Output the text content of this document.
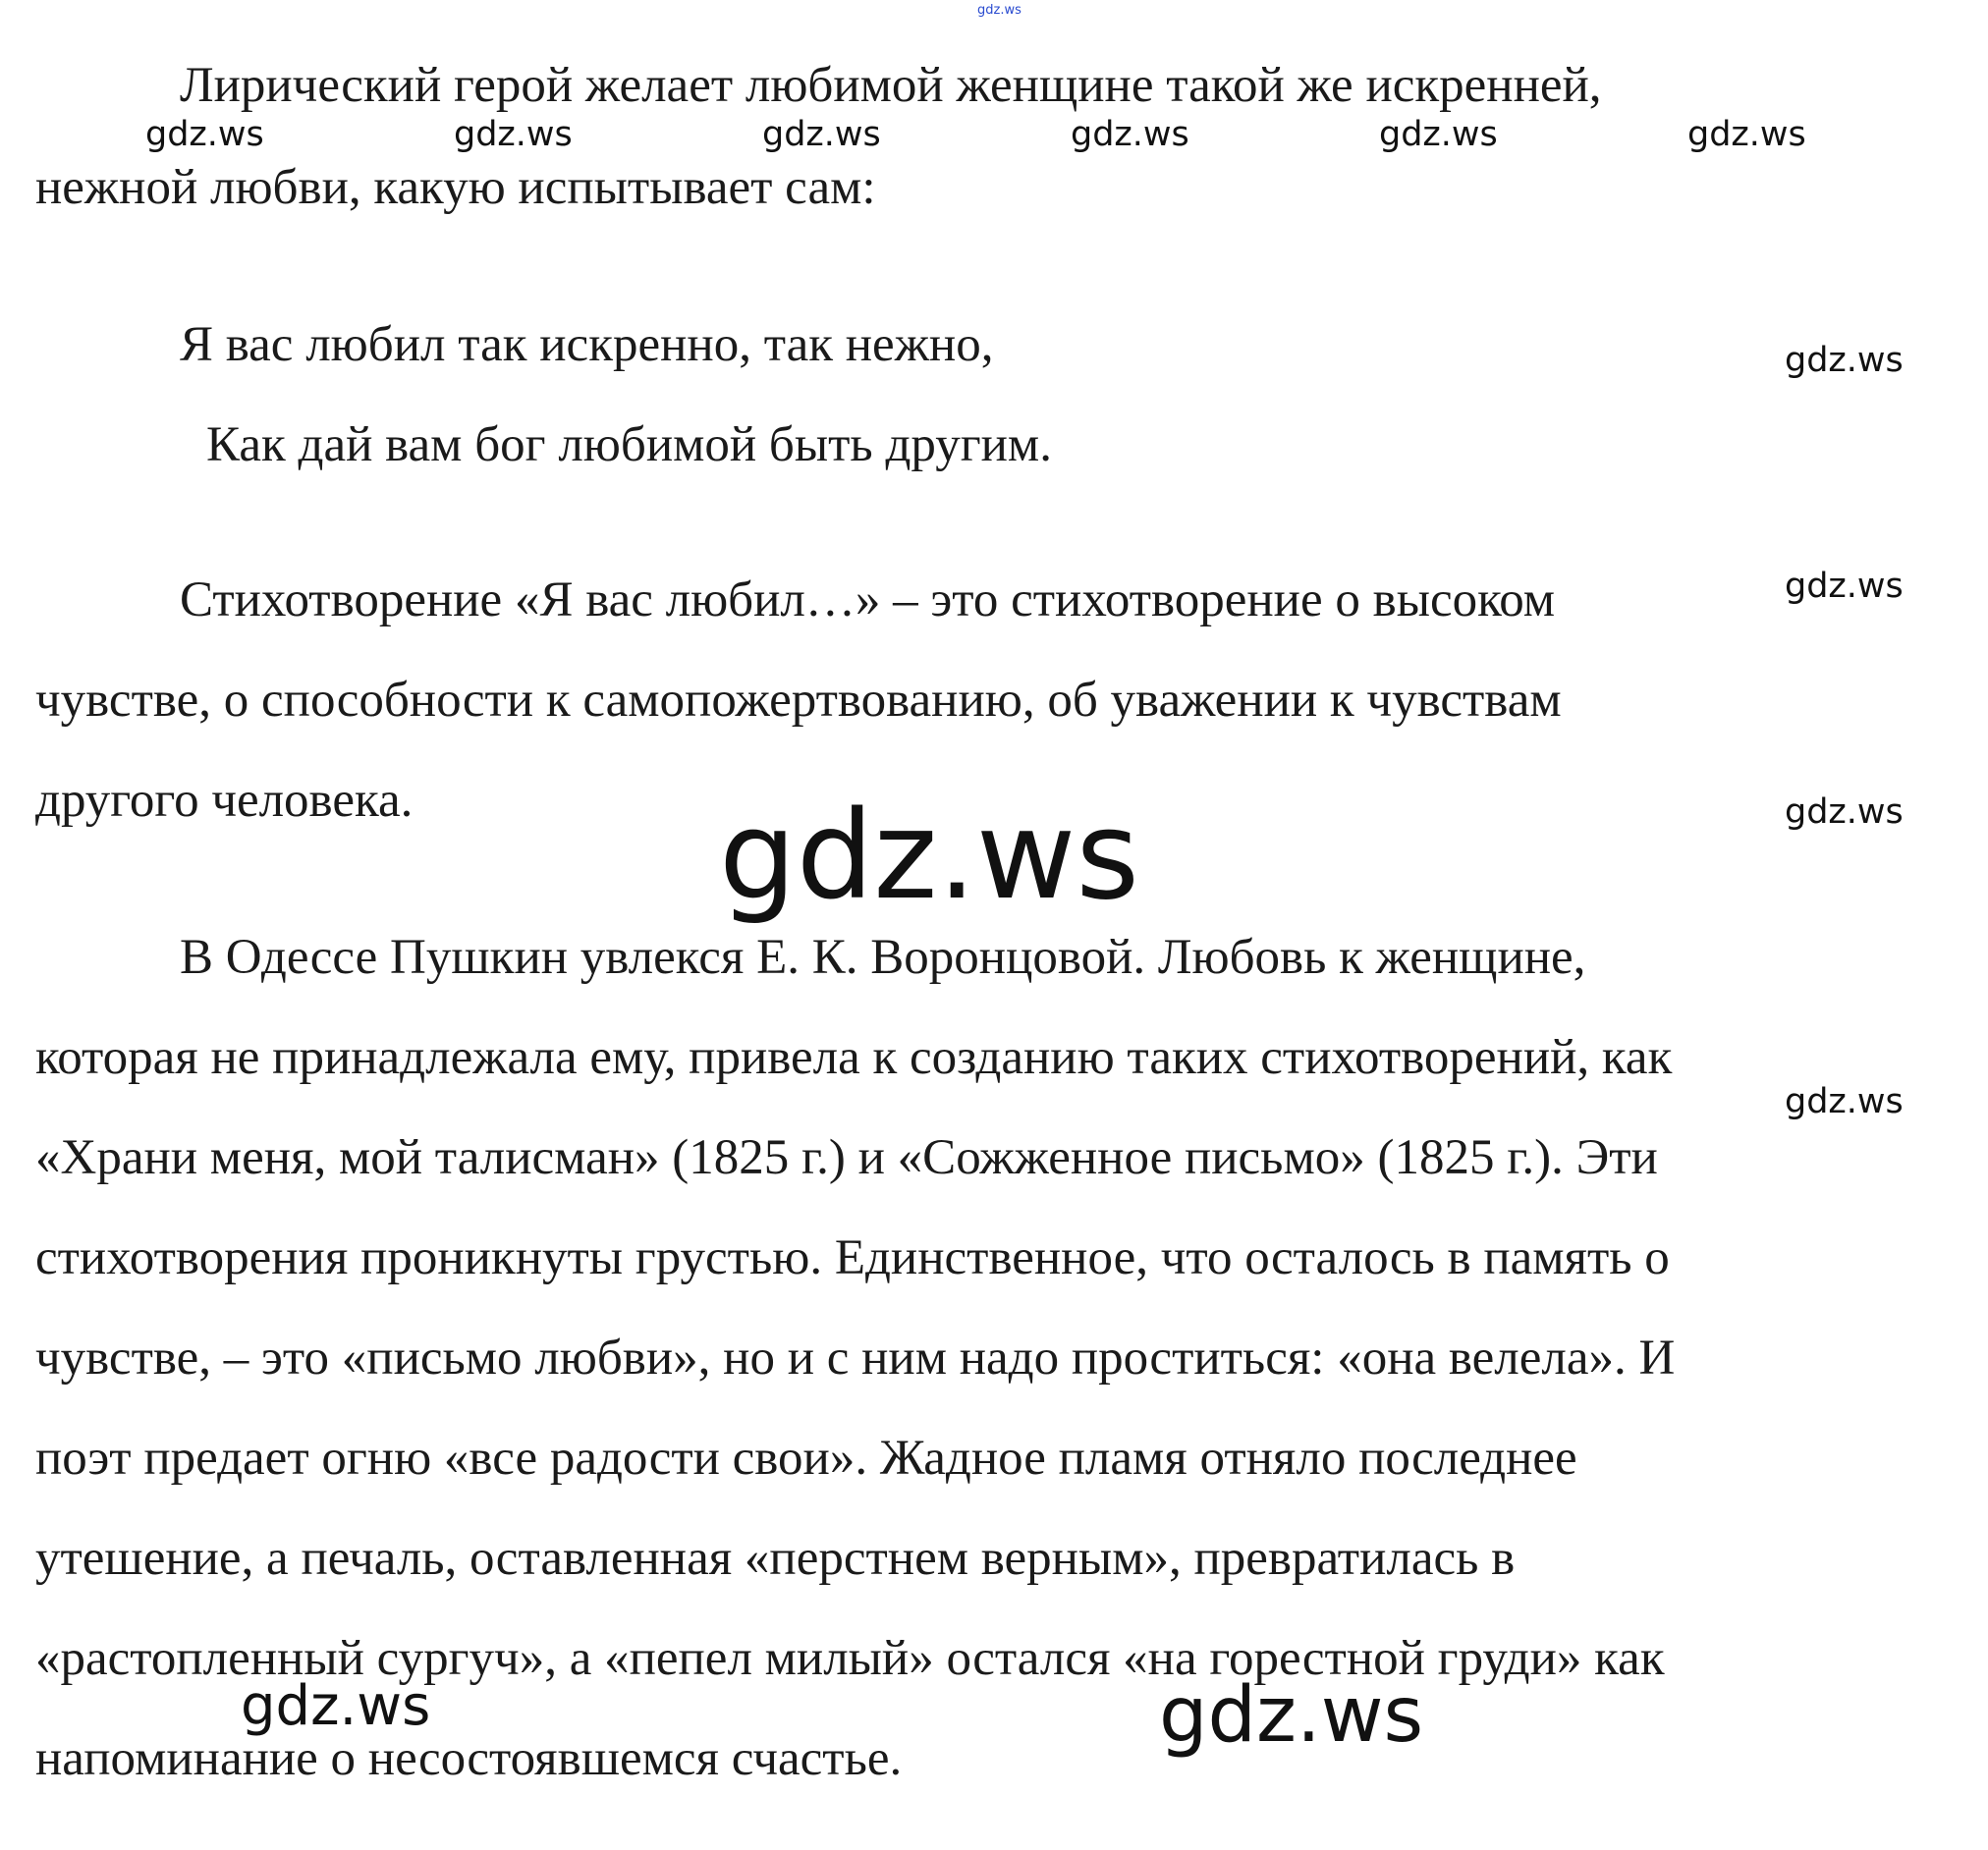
gdz.ws
Лирический герой желает любимой женщине такой же искренней,
нежной любви, какую испытывает сам:
gdz.ws	gdz.ws	gdz.ws	gdz.ws	gdz.ws	gdz.ws
Я вас любил так искренно, так нежно,
Как дай вам бог любимой быть другим.
gdz.ws
Стихотворение «Я вас любил…» – это стихотворение о высоком	gdz.ws
чувстве, о способности к самопожертвованию, об уважении к чувствам
другого человека.	gdz.ws
gdz.ws
В Одессе Пушкин увлекся Е. К. Воронцовой. Любовь к женщине,
которая не принадлежала ему, привела к созданию таких стихотворений, как
gdz.ws
«Храни меня, мой талисман» (1825 г.) и «Сожженное письмо» (1825 г.). Эти
стихотворения проникнуты грустью. Единственное, что осталось в память о
чувстве, – это «письмо любви», но и с ним надо проститься: «она велела». И
поэт предает огню «все радости свои». Жадное пламя отняло последнее
утешение, а печаль, оставленная «перстнем верным», превратилась в
«растопленный сургуч», а «пепел милый» остался «на горестной груди» как
напоминание о несостоявшемся счастье.
gdz.ws	gdz.ws
